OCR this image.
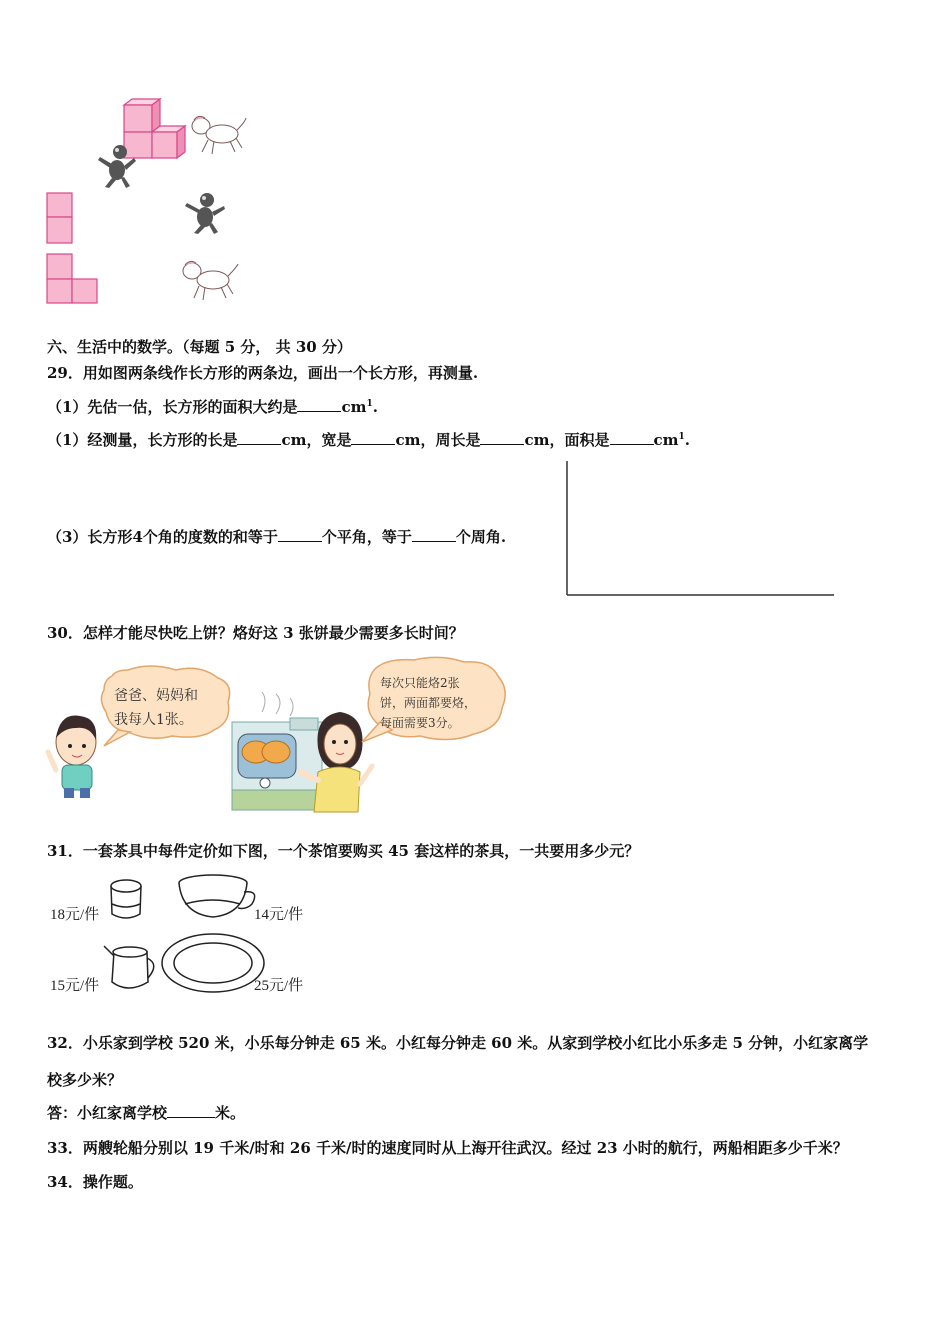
六、生活中的数学。（每题 5 分， 共 30 分）
29．用如图两条线作长方形的两条边，画出一个长方形，再测量.
（1）先估一估，长方形的面积大约是	$cm^1$.
（1）经测量，长方形的长是	cm，宽是	cm，周长是	cm，面积是	$cm^1$.
（3）长方形4个角的度数的和等于	个平角，等于	个周角.
30．怎样才能尽快吃上饼？烙好这 3 张饼最少需要多长时间？
爸爸、妈妈和
我每人1张。
每次只能烙2张
饼，两面都要烙，
每面需要3分。
31．一套茶具中每件定价如下图，一个茶馆要购买 45 套这样的茶具，一共要用多少元？
18元/件	14元/件
15元/件	25元/件
32．小乐家到学校 520 米，小乐每分钟走 65 米。小红每分钟走 60 米。从家到学校小红比小乐多走 5 分钟，小红家离学
校多少米？
答：小红家离学校	米。
33．两艘轮船分别以 19 千米/时和 26 千米/时的速度同时从上海开往武汉。经过 23 小时的航行，两船相距多少千米？
34．操作题。
